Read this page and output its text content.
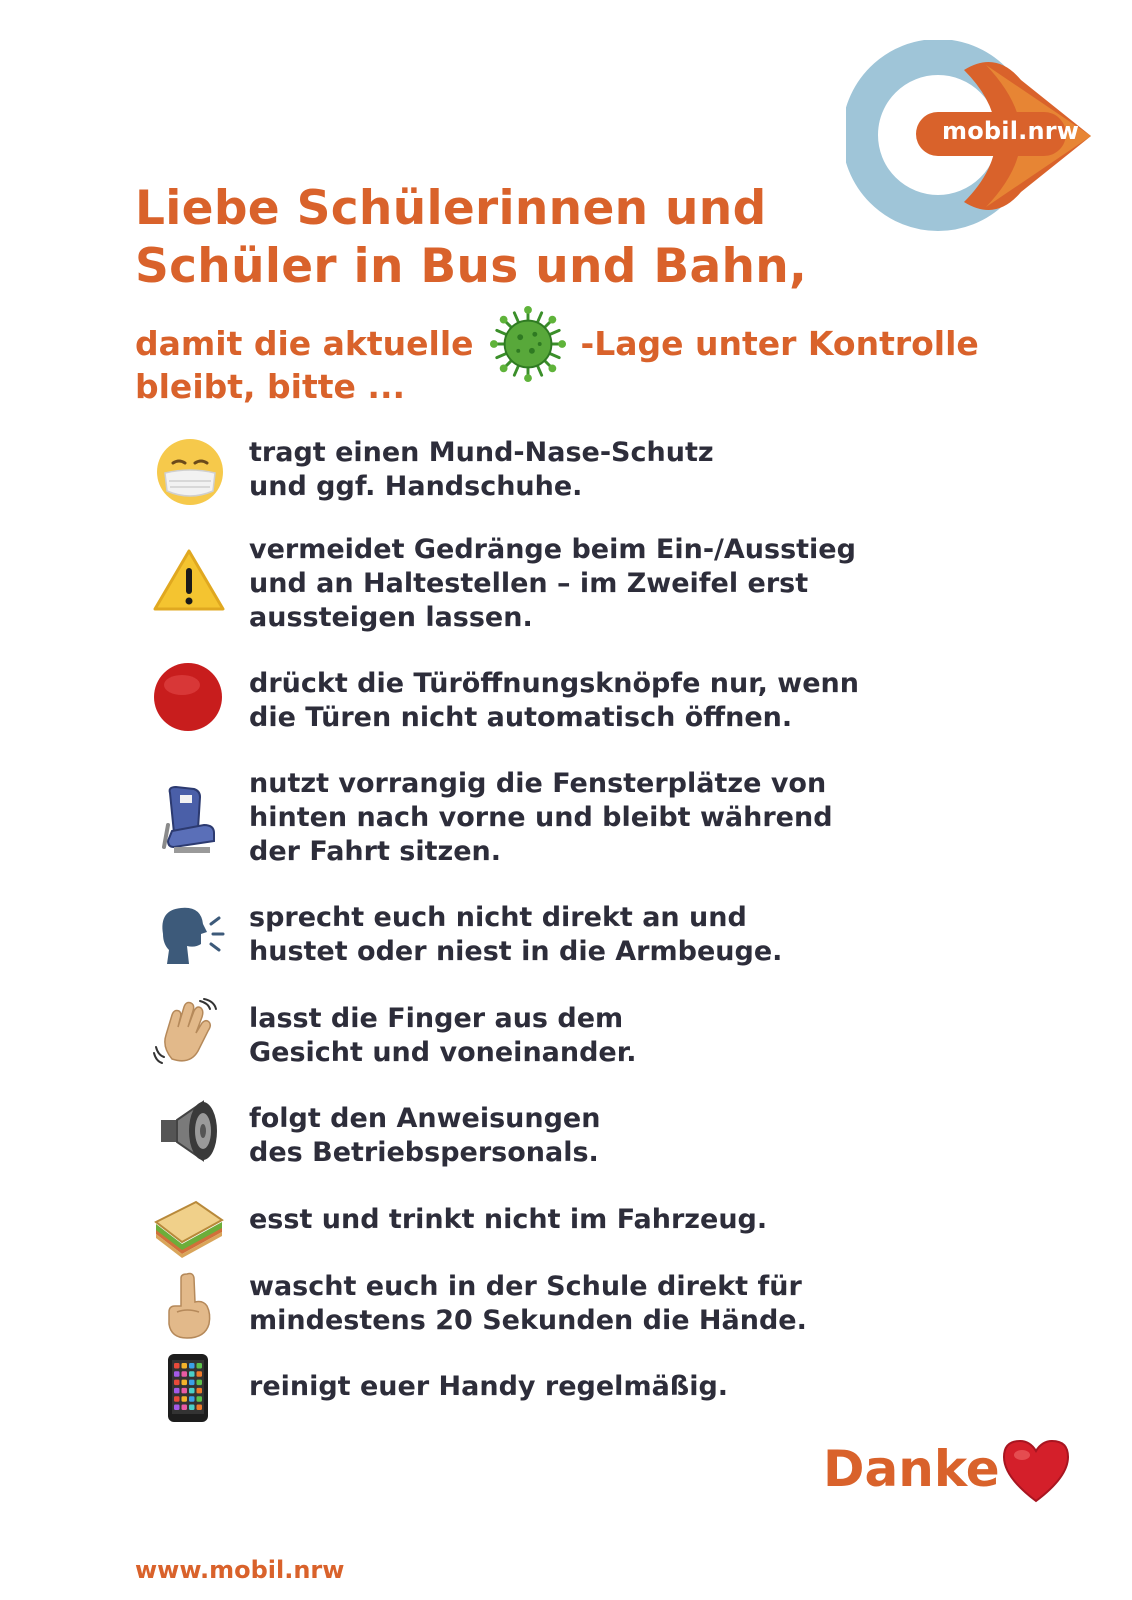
mobil.nrw
Liebe Schülerinnen und
Schüler in Bus und Bahn,
damit die aktuelle	-Lage unter Kontrolle
bleibt, bitte ...
tragt einen Mund-Nase-Schutz
und ggf. Handschuhe.
vermeidet Gedränge beim Ein-/Ausstieg
und an Haltestellen – im Zweifel erst
aussteigen lassen.
drückt die Türöffnungsknöpfe nur, wenn
die Türen nicht automatisch öffnen.
nutzt vorrangig die Fensterplätze von
hinten nach vorne und bleibt während
der Fahrt sitzen.
sprecht euch nicht direkt an und
hustet oder niest in die Armbeuge.
lasst die Finger aus dem
Gesicht und voneinander.
folgt den Anweisungen
des Betriebspersonals.
esst und trinkt nicht im Fahrzeug.
wascht euch in der Schule direkt für
mindestens 20 Sekunden die Hände.
reinigt euer Handy regelmäßig.
Danke
www.mobil.nrw
